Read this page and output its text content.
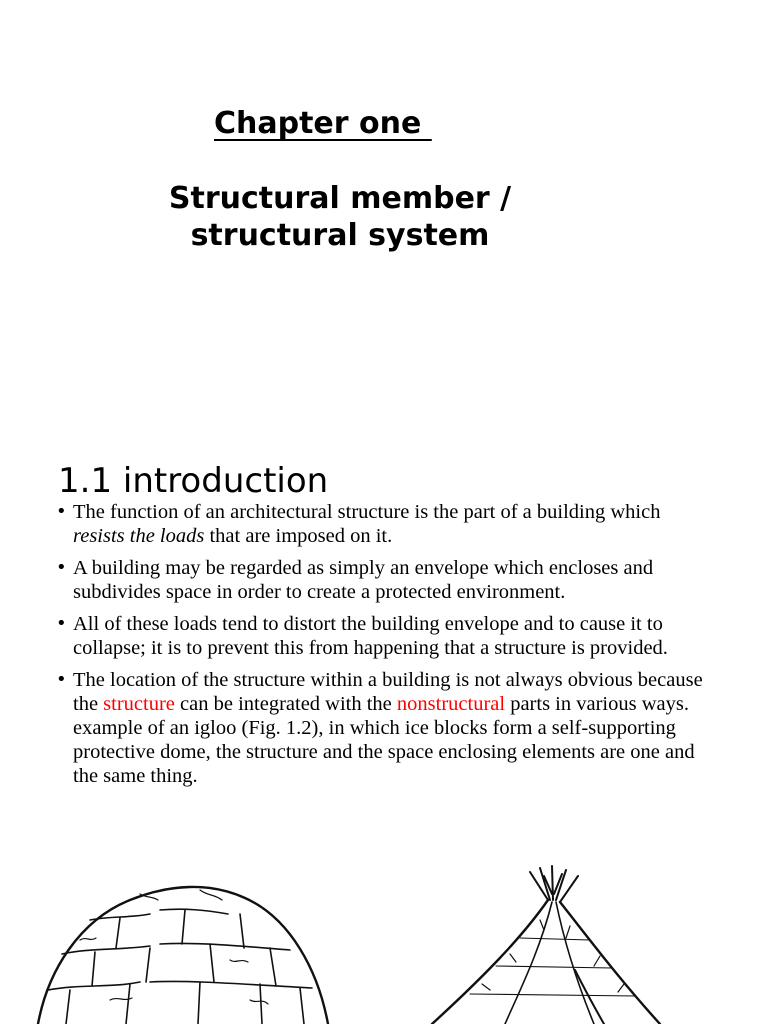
Chapter one
Structural member /
structural system
1.1 introduction
• The function of an architectural structure is the part of a building which resists the loads that are imposed on it.
• A building may be regarded as simply an envelope which encloses and subdivides space in order to create a protected environment.
• All of these loads tend to distort the building envelope and to cause it to collapse; it is to prevent this from happening that a structure is provided.
• The location of the structure within a building is not always obvious because the structure can be integrated with the nonstructural parts in various ways. example of an igloo (Fig. 1.2), in which ice blocks form a self-supporting protective dome, the structure and the space enclosing elements are one and the same thing.
